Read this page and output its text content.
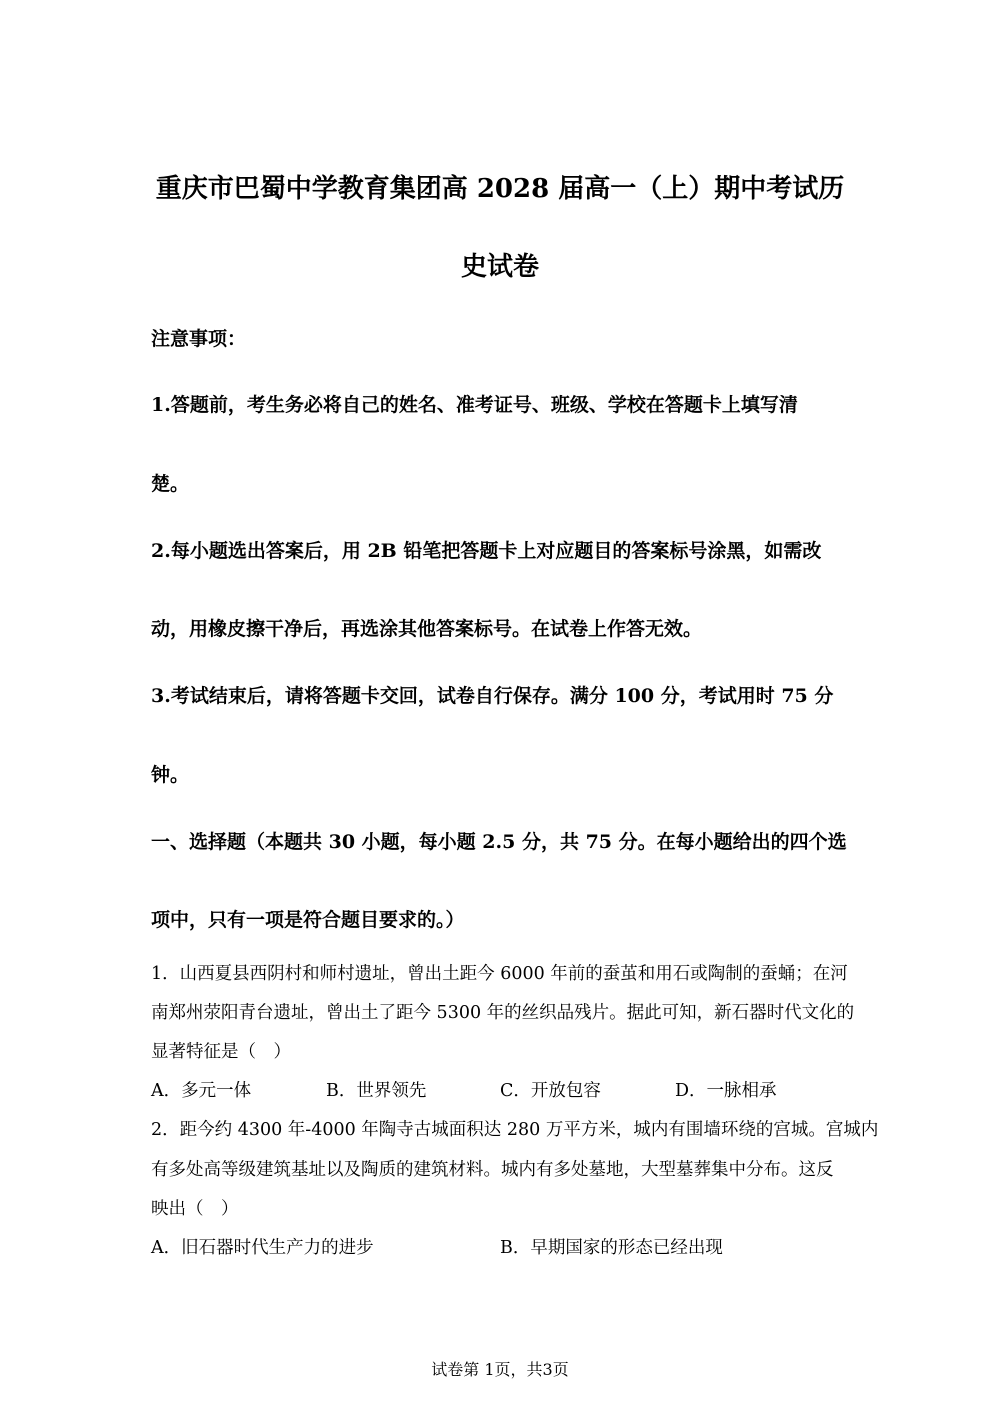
重庆市巴蜀中学教育集团高 2028 届高一（上）期中考试历
史试卷
注意事项：
1.答题前，考生务必将自己的姓名、准考证号、班级、学校在答题卡上填写清
楚。
2.每小题选出答案后，用 2B 铅笔把答题卡上对应题目的答案标号涂黑，如需改
动，用橡皮擦干净后，再选涂其他答案标号。在试卷上作答无效。
3.考试结束后，请将答题卡交回，试卷自行保存。满分 100 分，考试用时 75 分
钟。
一、选择题（本题共 30 小题，每小题 2.5 分，共 75 分。在每小题给出的四个选
项中，只有一项是符合题目要求的。）
1．山西夏县西阴村和师村遗址，曾出土距今 6000 年前的蚕茧和用石或陶制的蚕蛹；在河
南郑州荥阳青台遗址，曾出土了距今 5300 年的丝织品残片。据此可知，新石器时代文化的
显著特征是（　）
A．多元一体	B．世界领先	C．开放包容	D．一脉相承
2．距今约 4300 年-4000 年陶寺古城面积达 280 万平方米，城内有围墙环绕的宫城。宫城内
有多处高等级建筑基址以及陶质的建筑材料。城内有多处墓地，大型墓葬集中分布。这反
映出（　）
A．旧石器时代生产力的进步	B．早期国家的形态已经出现
试卷第 1页，共3页
